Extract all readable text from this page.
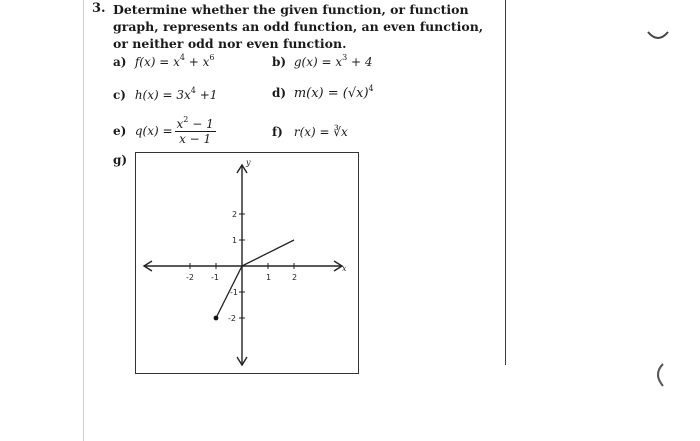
3. Determine whether the given function, or function graph, represents an odd function, an even function, or neither odd nor even function.
a) $f(x) = x^4 + x^6$	b) $g(x) = x^3 + 4$
c) $h(x) = 3x^4 +1$	d) $m(x) = (√x)^4$
e) $q(x) = \frac{x^2 - 1}{x - 1}$	f) r(x) = ∛x
g)
-2 -1	1	2
2
1
-1
-2
x
y
